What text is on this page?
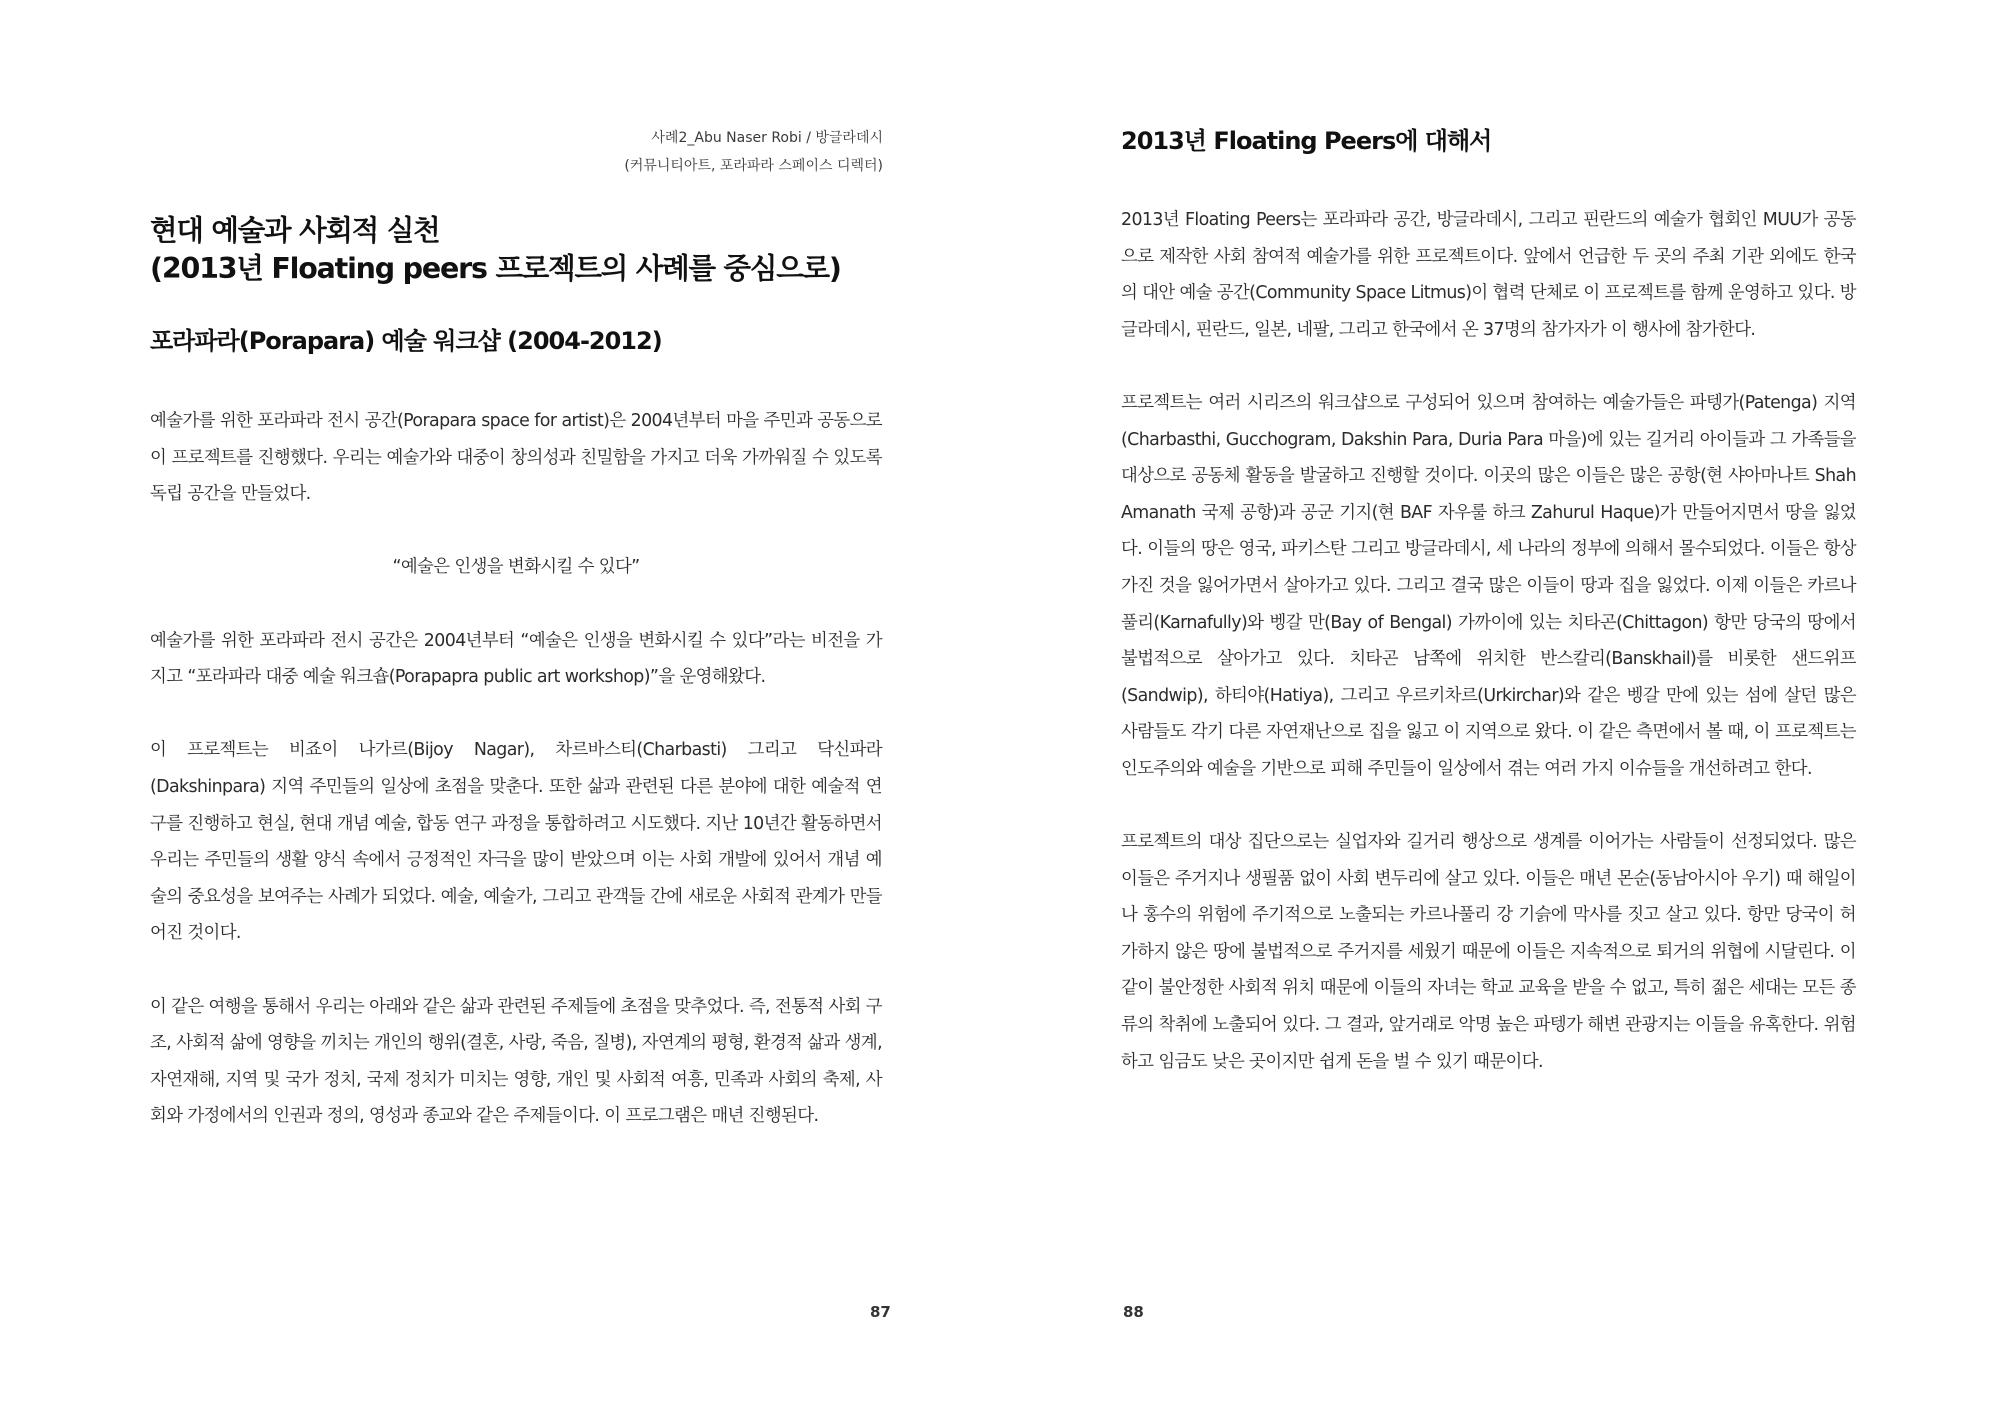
사례2_Abu Naser Robi / 방글라데시
(커뮤니티아트, 포라파라 스페이스 디렉터)
현대 예술과 사회적 실천
(2013년 Floating peers 프로젝트의 사례를 중심으로)
포라파라(Porapara) 예술 워크샵 (2004-2012)

예술가를 위한 포라파라 전시 공간(Porapara space for artist)은 2004년부터 마을 주민과 공동으로 이 프로젝트를 진행했다. 우리는 예술가와 대중이 창의성과 친밀함을 가지고 더욱 가까워질 수 있도록 독립 공간을 만들었다.

“예술은 인생을 변화시킬 수 있다”

예술가를 위한 포라파라 전시 공간은 2004년부터 “예술은 인생을 변화시킬 수 있다”라는 비전을 가지고 “포라파라 대중 예술 워크숍(Porapapra public art workshop)”을 운영해왔다.

이 프로젝트는 비죠이 나가르(Bijoy Nagar), 차르바스티(Charbasti) 그리고 닥신파라(Dakshinpara) 지역 주민들의 일상에 초점을 맞춘다. 또한 삶과 관련된 다른 분야에 대한 예술적 연구를 진행하고 현실, 현대 개념 예술, 합동 연구 과정을 통합하려고 시도했다. 지난 10년간 활동하면서 우리는 주민들의 생활 양식 속에서 긍정적인 자극을 많이 받았으며 이는 사회 개발에 있어서 개념 예술의 중요성을 보여주는 사례가 되었다. 예술, 예술가, 그리고 관객들 간에 새로운 사회적 관계가 만들어진 것이다.

이 같은 여행을 통해서 우리는 아래와 같은 삶과 관련된 주제들에 초점을 맞추었다. 즉, 전통적 사회 구조, 사회적 삶에 영향을 끼치는 개인의 행위(결혼, 사랑, 죽음, 질병), 자연계의 평형, 환경적 삶과 생계, 자연재해, 지역 및 국가 정치, 국제 정치가 미치는 영향, 개인 및 사회적 여흥, 민족과 사회의 축제, 사회와 가정에서의 인권과 정의, 영성과 종교와 같은 주제들이다. 이 프로그램은 매년 진행된다.

87
2013년 Floating Peers에 대해서

2013년 Floating Peers는 포라파라 공간, 방글라데시, 그리고 핀란드의 예술가 협회인 MUU가 공동으로 제작한 사회 참여적 예술가를 위한 프로젝트이다. 앞에서 언급한 두 곳의 주최 기관 외에도 한국의 대안 예술 공간(Community Space Litmus)이 협력 단체로 이 프로젝트를 함께 운영하고 있다. 방글라데시, 핀란드, 일본, 네팔, 그리고 한국에서 온 37명의 참가자가 이 행사에 참가한다.

프로젝트는 여러 시리즈의 워크샵으로 구성되어 있으며 참여하는 예술가들은 파텡가(Patenga) 지역 (Charbasthi, Gucchogram, Dakshin Para, Duria Para 마을)에 있는 길거리 아이들과 그 가족들을 대상으로 공동체 활동을 발굴하고 진행할 것이다. 이곳의 많은 이들은 많은 공항(현 샤아마나트 Shah Amanath 국제 공항)과 공군 기지(현 BAF 자우룰 하크 Zahurul Haque)가 만들어지면서 땅을 잃었다. 이들의 땅은 영국, 파키스탄 그리고 방글라데시, 세 나라의 정부에 의해서 몰수되었다. 이들은 항상 가진 것을 잃어가면서 살아가고 있다. 그리고 결국 많은 이들이 땅과 집을 잃었다. 이제 이들은 카르나풀리(Karnafully)와 벵갈 만(Bay of Bengal) 가까이에 있는 치타곤(Chittagon) 항만 당국의 땅에서 불법적으로 살아가고 있다. 치타곤 남쪽에 위치한 반스칼리(Banskhail)를 비롯한 샌드위프(Sandwip), 하티야(Hatiya), 그리고 우르키차르(Urkirchar)와 같은 벵갈 만에 있는 섬에 살던 많은 사람들도 각기 다른 자연재난으로 집을 잃고 이 지역으로 왔다. 이 같은 측면에서 볼 때, 이 프로젝트는 인도주의와 예술을 기반으로 피해 주민들이 일상에서 겪는 여러 가지 이슈들을 개선하려고 한다.

프로젝트의 대상 집단으로는 실업자와 길거리 행상으로 생계를 이어가는 사람들이 선정되었다. 많은 이들은 주거지나 생필품 없이 사회 변두리에 살고 있다. 이들은 매년 몬순(동남아시아 우기) 때 해일이나 홍수의 위험에 주기적으로 노출되는 카르나풀리 강 기슭에 막사를 짓고 살고 있다. 항만 당국이 허가하지 않은 땅에 불법적으로 주거지를 세웠기 때문에 이들은 지속적으로 퇴거의 위협에 시달린다. 이 같이 불안정한 사회적 위치 때문에 이들의 자녀는 학교 교육을 받을 수 없고, 특히 젊은 세대는 모든 종류의 착취에 노출되어 있다. 그 결과, 앞거래로 악명 높은 파텡가 해변 관광지는 이들을 유혹한다. 위험하고 임금도 낮은 곳이지만 쉽게 돈을 벌 수 있기 때문이다.

88
